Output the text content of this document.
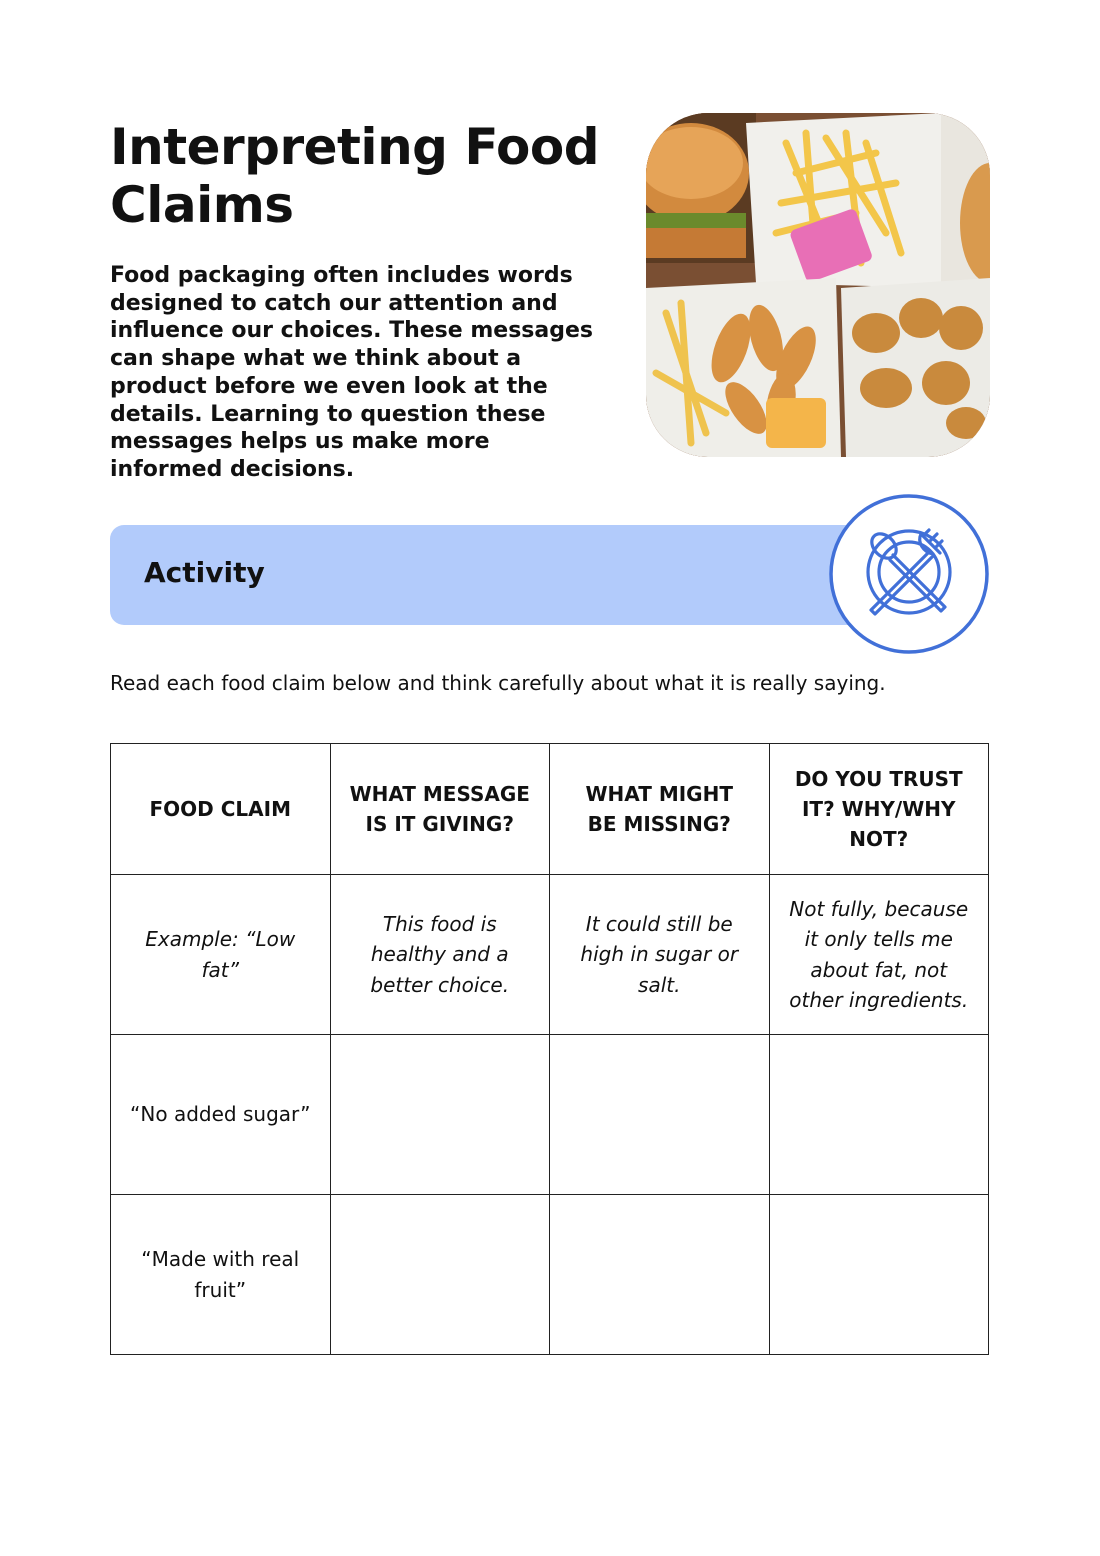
Interpreting Food Claims

Food packaging often includes words designed to catch our attention and influence our choices. These messages can shape what we think about a product before we even look at the details. Learning to question these messages helps us make more informed decisions.

Activity

Read each food claim below and think carefully about what it is really saying.

FOOD CLAIM	WHAT MESSAGE IS IT GIVING?	WHAT MIGHT BE MISSING?	DO YOU TRUST IT? WHY/WHY NOT?
Example: “Low fat”	This food is healthy and a better choice.	It could still be high in sugar or salt.	Not fully, because it only tells me about fat, not other ingredients.
“No added sugar”			
“Made with real fruit”			
